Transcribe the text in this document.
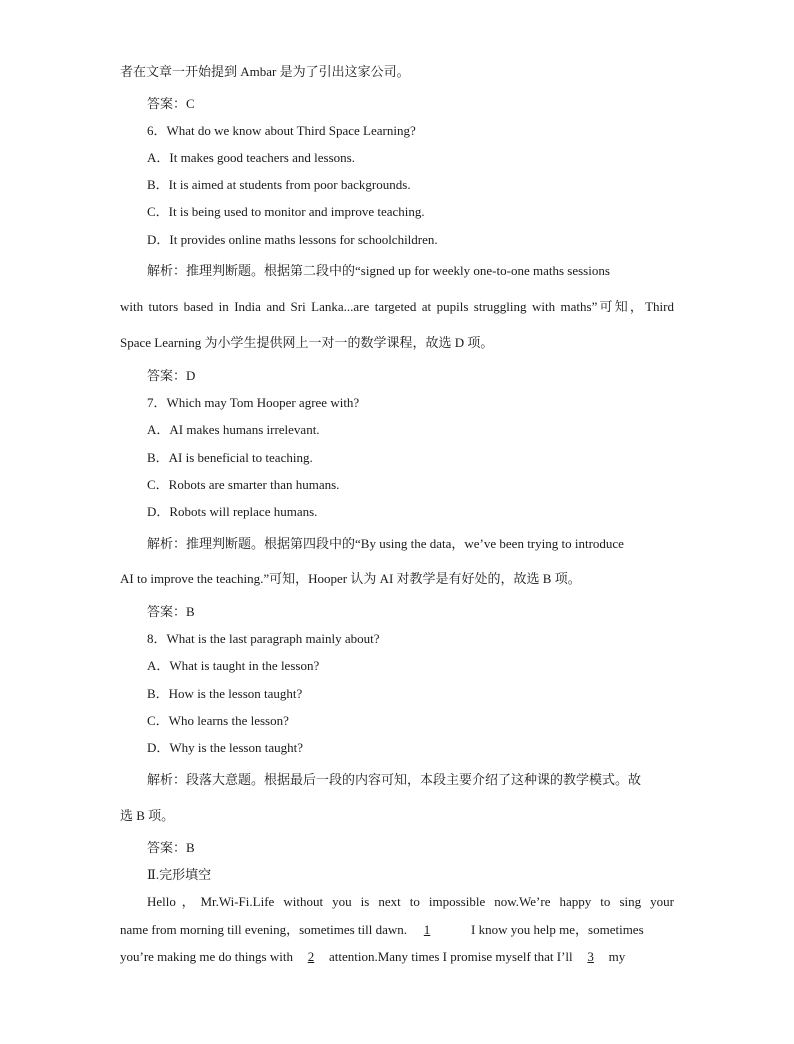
者在文章一开始提到 Ambar 是为了引出这家公司。
答案：C
6．What do we know about Third Space Learning?
A．It makes good teachers and lessons.
B．It is aimed at students from poor backgrounds.
C．It is being used to monitor and improve teaching.
D．It provides online maths lessons for schoolchildren.
解析：推理判断题。根据第二段中的“signed up for weekly one-to-one maths sessions
with tutors based in India and Sri Lanka...are targeted at pupils struggling with maths”可知，Third
Space Learning 为小学生提供网上一对一的数学课程，故选 D 项。
答案：D
7．Which may Tom Hooper agree with?
A．AI makes humans irrelevant.
B．AI is beneficial to teaching.
C．Robots are smarter than humans.
D．Robots will replace humans.
解析：推理判断题。根据第四段中的“By using the data，we’ve been trying to introduce
AI to improve the teaching.”可知，Hooper 认为 AI 对教学是有好处的，故选 B 项。
答案：B
8．What is the last paragraph mainly about?
A．What is taught in the lesson?
B．How is the lesson taught?
C．Who learns the lesson?
D．Why is the lesson taught?
解析：段落大意题。根据最后一段的内容可知，本段主要介绍了这种课的教学模式。故
选 B 项。
答案：B
Ⅱ.完形填空
Hello，Mr.Wi-Fi.Life without you is next to impossible now.We’re happy to sing your
name from morning till evening，sometimes till dawn. 1	I know you help me，sometimes
you’re making me do things with 2 attention.Many times I promise myself that I’ll 3 my
